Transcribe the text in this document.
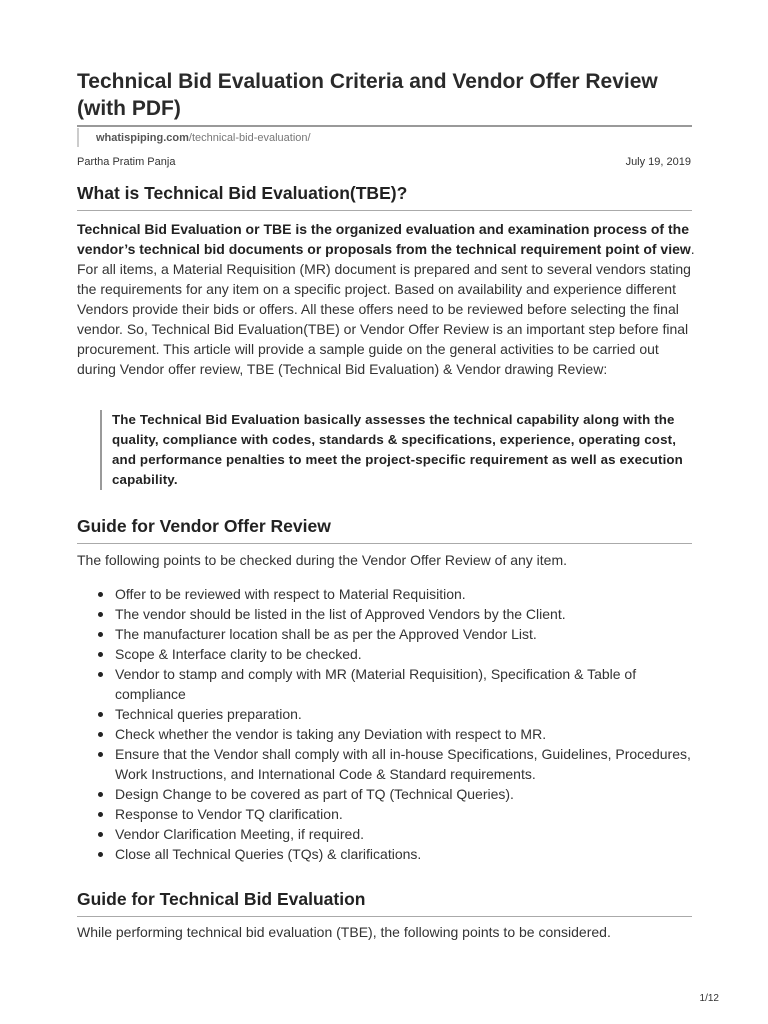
Technical Bid Evaluation Criteria and Vendor Offer Review (with PDF)
whatispiping.com/technical-bid-evaluation/
Partha Pratim Panja	July 19, 2019
What is Technical Bid Evaluation(TBE)?

Technical Bid Evaluation or TBE is the organized evaluation and examination process of the vendor’s technical bid documents or proposals from the technical requirement point of view. For all items, a Material Requisition (MR) document is prepared and sent to several vendors stating the requirements for any item on a specific project. Based on availability and experience different Vendors provide their bids or offers. All these offers need to be reviewed before selecting the final vendor. So, Technical Bid Evaluation(TBE) or Vendor Offer Review is an important step before final procurement. This article will provide a sample guide on the general activities to be carried out during Vendor offer review, TBE (Technical Bid Evaluation) & Vendor drawing Review:

The Technical Bid Evaluation basically assesses the technical capability along with the quality, compliance with codes, standards & specifications, experience, operating cost, and performance penalties to meet the project-specific requirement as well as execution capability.
Guide for Vendor Offer Review

The following points to be checked during the Vendor Offer Review of any item.

Offer to be reviewed with respect to Material Requisition.
The vendor should be listed in the list of Approved Vendors by the Client.
The manufacturer location shall be as per the Approved Vendor List.
Scope & Interface clarity to be checked.
Vendor to stamp and comply with MR (Material Requisition), Specification & Table of compliance
Technical queries preparation.
Check whether the vendor is taking any Deviation with respect to MR.
Ensure that the Vendor shall comply with all in-house Specifications, Guidelines, Procedures, Work Instructions, and International Code & Standard requirements.
Design Change to be covered as part of TQ (Technical Queries).
Response to Vendor TQ clarification.
Vendor Clarification Meeting, if required.
Close all Technical Queries (TQs) & clarifications.
Guide for Technical Bid Evaluation

While performing technical bid evaluation (TBE), the following points to be considered.

1/12
